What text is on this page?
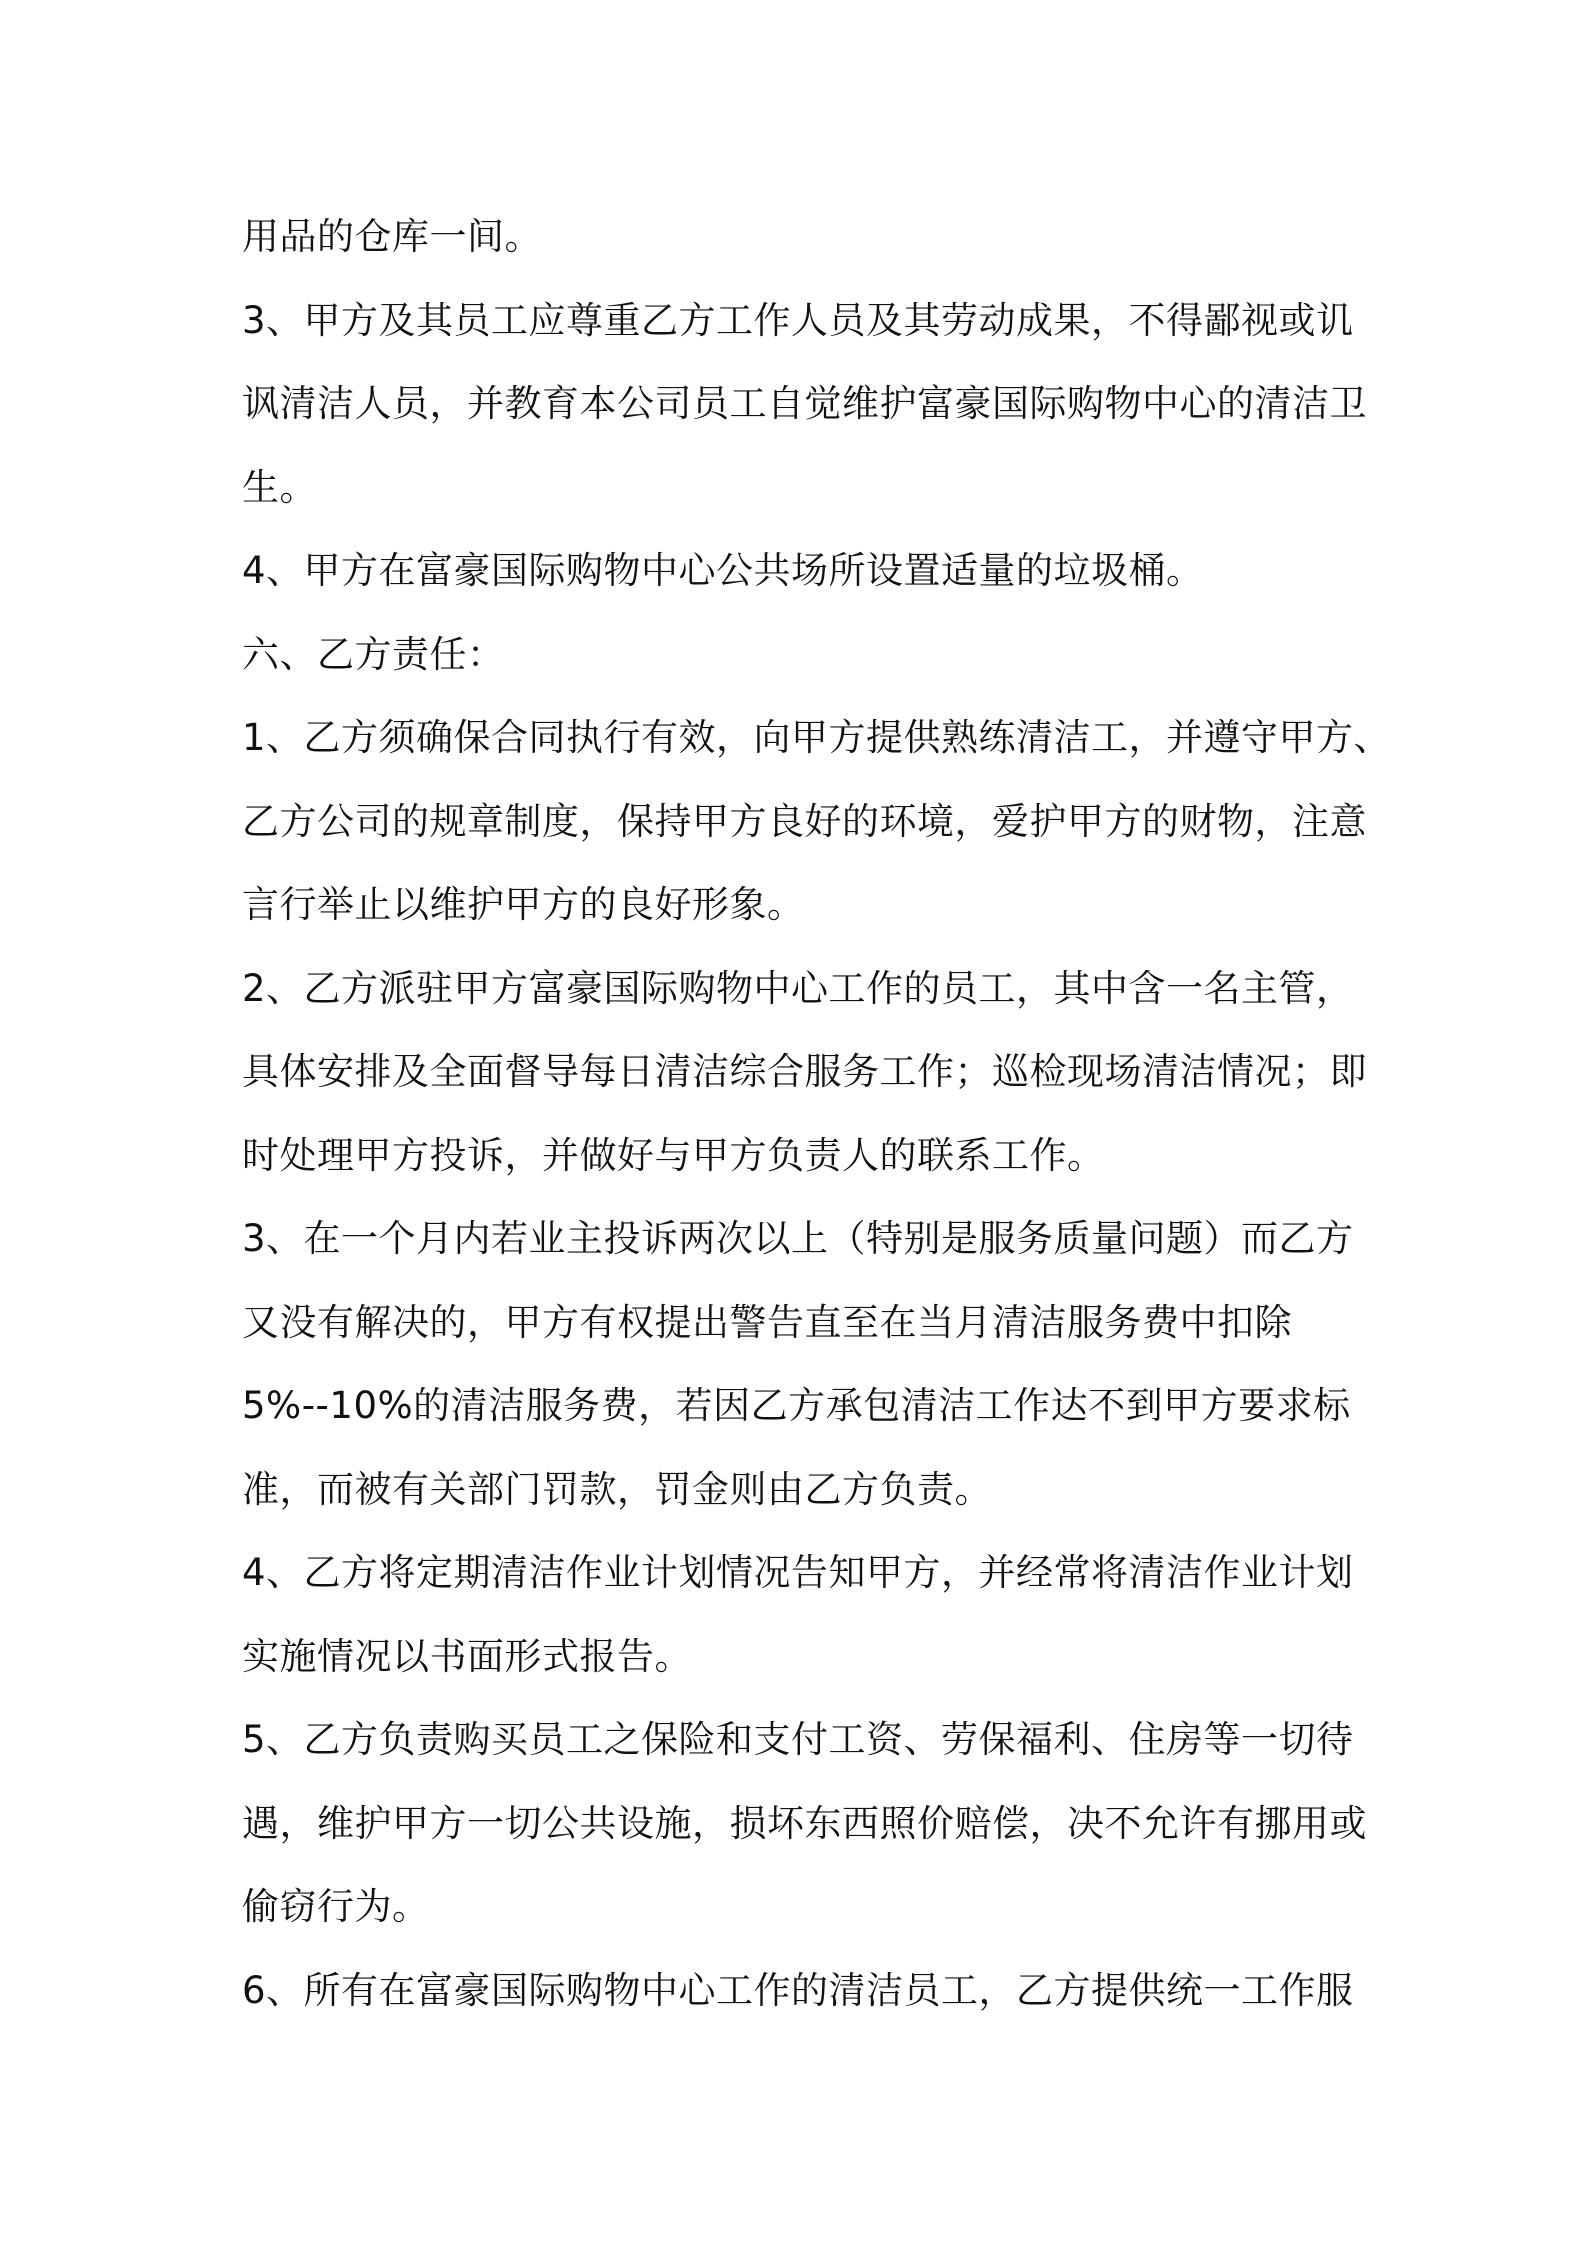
用品的仓库一间。
3、甲方及其员工应尊重乙方工作人员及其劳动成果，不得鄙视或讥
讽清洁人员，并教育本公司员工自觉维护富豪国际购物中心的清洁卫
生。
4、甲方在富豪国际购物中心公共场所设置适量的垃圾桶。
六、乙方责任：
1、乙方须确保合同执行有效，向甲方提供熟练清洁工，并遵守甲方、
乙方公司的规章制度，保持甲方良好的环境，爱护甲方的财物，注意
言行举止以维护甲方的良好形象。
2、乙方派驻甲方富豪国际购物中心工作的员工，其中含一名主管，
具体安排及全面督导每日清洁综合服务工作；巡检现场清洁情况；即
时处理甲方投诉，并做好与甲方负责人的联系工作。
3、在一个月内若业主投诉两次以上（特别是服务质量问题）而乙方
又没有解决的，甲方有权提出警告直至在当月清洁服务费中扣除
5%--10%的清洁服务费，若因乙方承包清洁工作达不到甲方要求标
准，而被有关部门罚款，罚金则由乙方负责。
4、乙方将定期清洁作业计划情况告知甲方，并经常将清洁作业计划
实施情况以书面形式报告。
5、乙方负责购买员工之保险和支付工资、劳保福利、住房等一切待
遇，维护甲方一切公共设施，损坏东西照价赔偿，决不允许有挪用或
偷窃行为。
6、所有在富豪国际购物中心工作的清洁员工，乙方提供统一工作服
